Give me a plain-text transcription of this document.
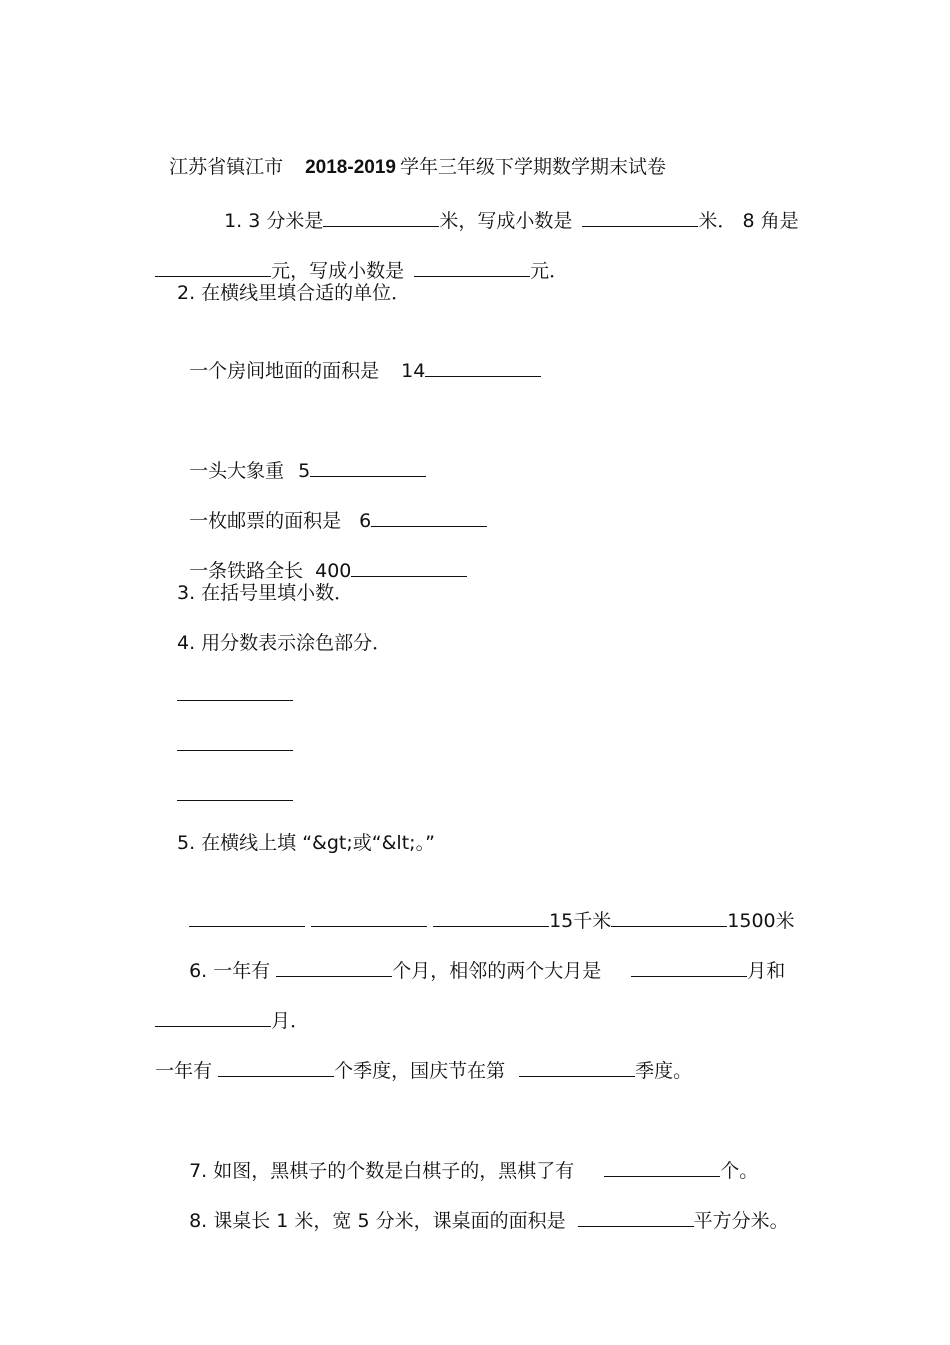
江苏省镇江市 2018-2019 学年三年级下学期数学期末试卷

1. 3 分米是	米，写成小数是	米． 8 角是

元，写成小数是	元．

2. 在横线里填合适的单位．

一个房间地面的面积是 14

一头大象重 5

一枚邮票的面积是 6

一条铁路全长 400

3. 在括号里填小数．
4. 用分数表示涂色部分．
5. 在横线上填 “&gt;或“&lt;。”

15千米	1500米

6. 一年有	个月，相邻的两个大月是	月和

月．

一年有	个季度，国庆节在第	季度。

7. 如图，黑棋子的个数是白棋子的，黑棋了有	个。

8. 课桌长 1 米，宽 5 分米，课桌面的面积是	平方分米。
